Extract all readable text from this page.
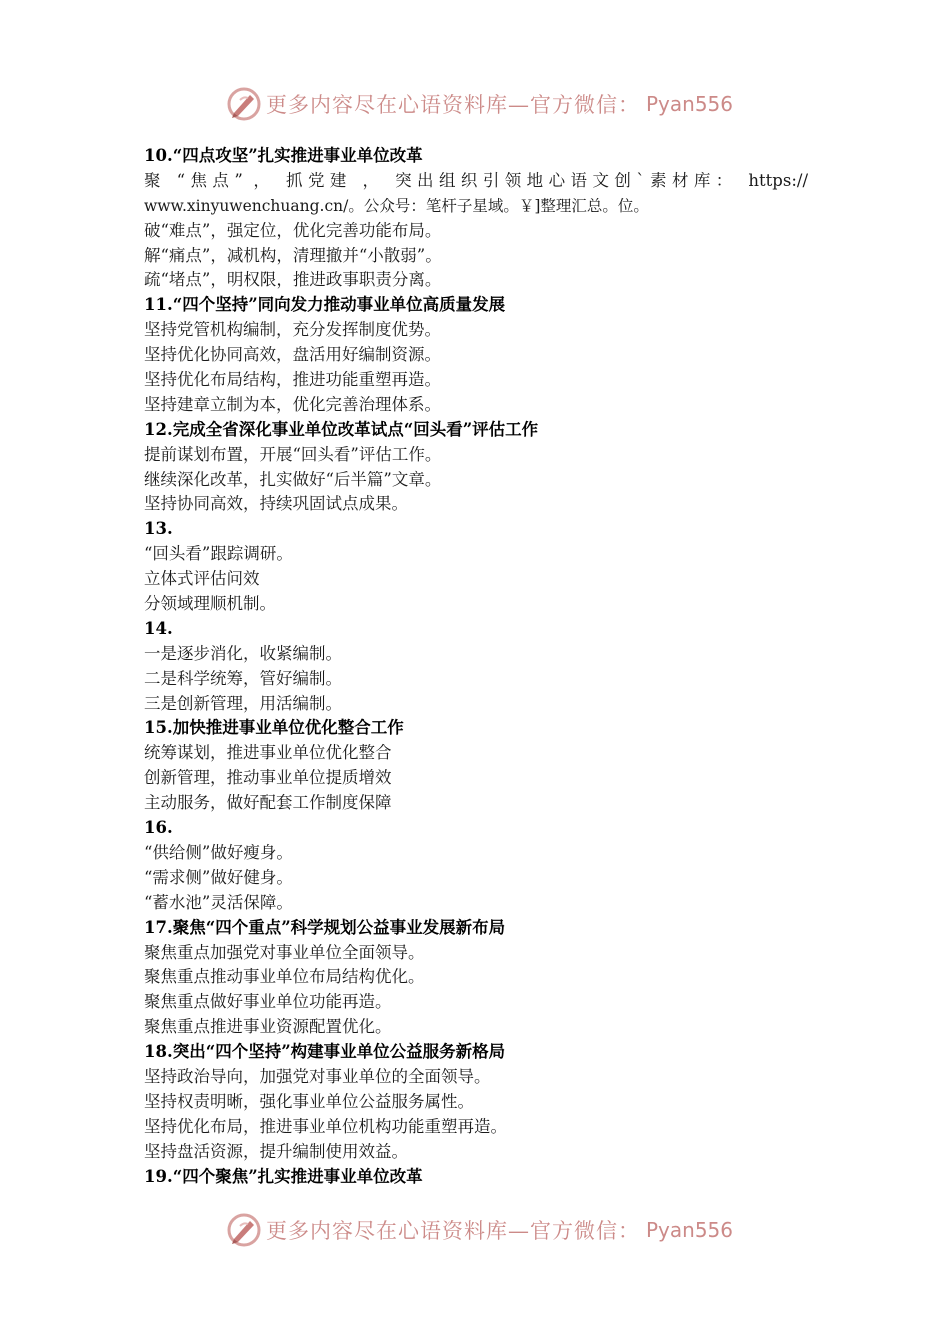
更多内容尽在心语资料库—官方微信： Pyan556
10.“四点攻坚”扎实推进事业单位改革
聚 “焦点” ， 抓党建 ， 突出组织引领地心语文创`素材库： https://
www.xinyuwenchuang.cn/。公众号：笔杆子星域。￥]整理汇总。位。
破“难点”，强定位，优化完善功能布局。
解“痛点”，减机构，清理撤并“小散弱”。
疏“堵点”，明权限，推进政事职责分离。
11.“四个坚持”同向发力推动事业单位高质量发展
坚持党管机构编制，充分发挥制度优势。
坚持优化协同高效，盘活用好编制资源。
坚持优化布局结构，推进功能重塑再造。
坚持建章立制为本，优化完善治理体系。
12.完成全省深化事业单位改革试点“回头看”评估工作
提前谋划布置，开展“回头看”评估工作。
继续深化改革，扎实做好“后半篇”文章。
坚持协同高效，持续巩固试点成果。
13.
“回头看”跟踪调研。
立体式评估问效
分领域理顺机制。
14.
一是逐步消化，收紧编制。
二是科学统筹，管好编制。
三是创新管理，用活编制。
15.加快推进事业单位优化整合工作
统筹谋划，推进事业单位优化整合
创新管理，推动事业单位提质增效
主动服务，做好配套工作制度保障
16.
“供给侧”做好瘦身。
“需求侧”做好健身。
“蓄水池”灵活保障。
17.聚焦“四个重点”科学规划公益事业发展新布局
聚焦重点加强党对事业单位全面领导。
聚焦重点推动事业单位布局结构优化。
聚焦重点做好事业单位功能再造。
聚焦重点推进事业资源配置优化。
18.突出“四个坚持”构建事业单位公益服务新格局
坚持政治导向，加强党对事业单位的全面领导。
坚持权责明晰，强化事业单位公益服务属性。
坚持优化布局，推进事业单位机构功能重塑再造。
坚持盘活资源，提升编制使用效益。
19.“四个聚焦”扎实推进事业单位改革
更多内容尽在心语资料库—官方微信： Pyan556
